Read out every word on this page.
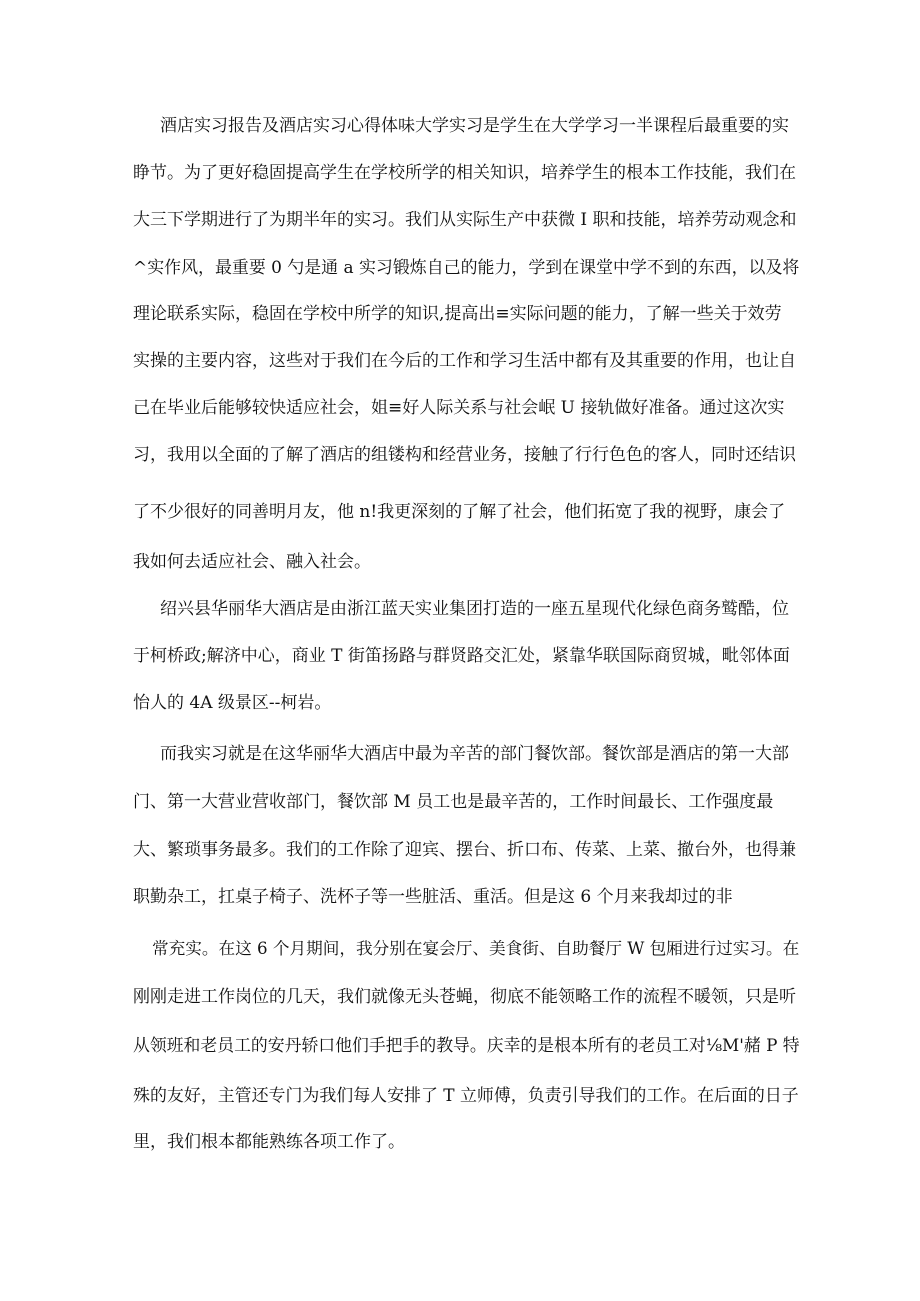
酒店实习报告及酒店实习心得体味大学实习是学生在大学学习一半课程后最重要的实
睁节。为了更好稳固提高学生在学校所学的相关知识，培养学生的根本工作技能，我们在
大三下学期进行了为期半年的实习。我们从实际生产中获微 I 职和技能，培养劳动观念和
^实作风，最重要 0 勺是通 a 实习锻炼自己的能力，学到在课堂中学不到的东西，以及将
理论联系实际，稳固在学校中所学的知识,提高出≡实际问题的能力，了解一些关于效劳
实操的主要内容，这些对于我们在今后的工作和学习生活中都有及其重要的作用，也让自
己在毕业后能够较快适应社会，姐≡好人际关系与社会岷 U 接轨做好准备。通过这次实
习，我用以全面的了解了酒店的组镂构和经营业务，接触了行行色色的客人，同时还结识
了不少很好的同善明月友，他 n!我更深刻的了解了社会，他们拓宽了我的视野，康会了
我如何去适应社会、融入社会。
绍兴县华丽华大酒店是由浙江蓝天实业集团打造的一座五星现代化绿色商务鹫酷，位
于柯桥政;解济中心，商业 T 街笛扬路与群贤路交汇处，紧靠华联国际商贸城，毗邻体面
怡人的 4A 级景区--柯岩。
而我实习就是在这华丽华大酒店中最为辛苦的部门餐饮部。餐饮部是酒店的第一大部
门、第一大营业营收部门，餐饮部 M 员工也是最辛苦的，工作时间最长、工作强度最
大、繁琐事务最多。我们的工作除了迎宾、摆台、折口布、传菜、上菜、撤台外，也得兼
职勤杂工，扛桌子椅子、洗杯子等一些脏活、重活。但是这 6 个月来我却过的非
常充实。在这 6 个月期间，我分别在宴会厅、美食街、自助餐厅 W 包厢进行过实习。在
刚刚走进工作岗位的几天，我们就像无头苍蝇，彻底不能领略工作的流程不暖领，只是听
从领班和老员工的安丹轿口他们手把手的教导。庆幸的是根本所有的老员工对⅛M'赭 P 特
殊的友好，主管还专门为我们每人安排了 T 立师傅，负责引导我们的工作。在后面的日子
里，我们根本都能熟练各项工作了。
